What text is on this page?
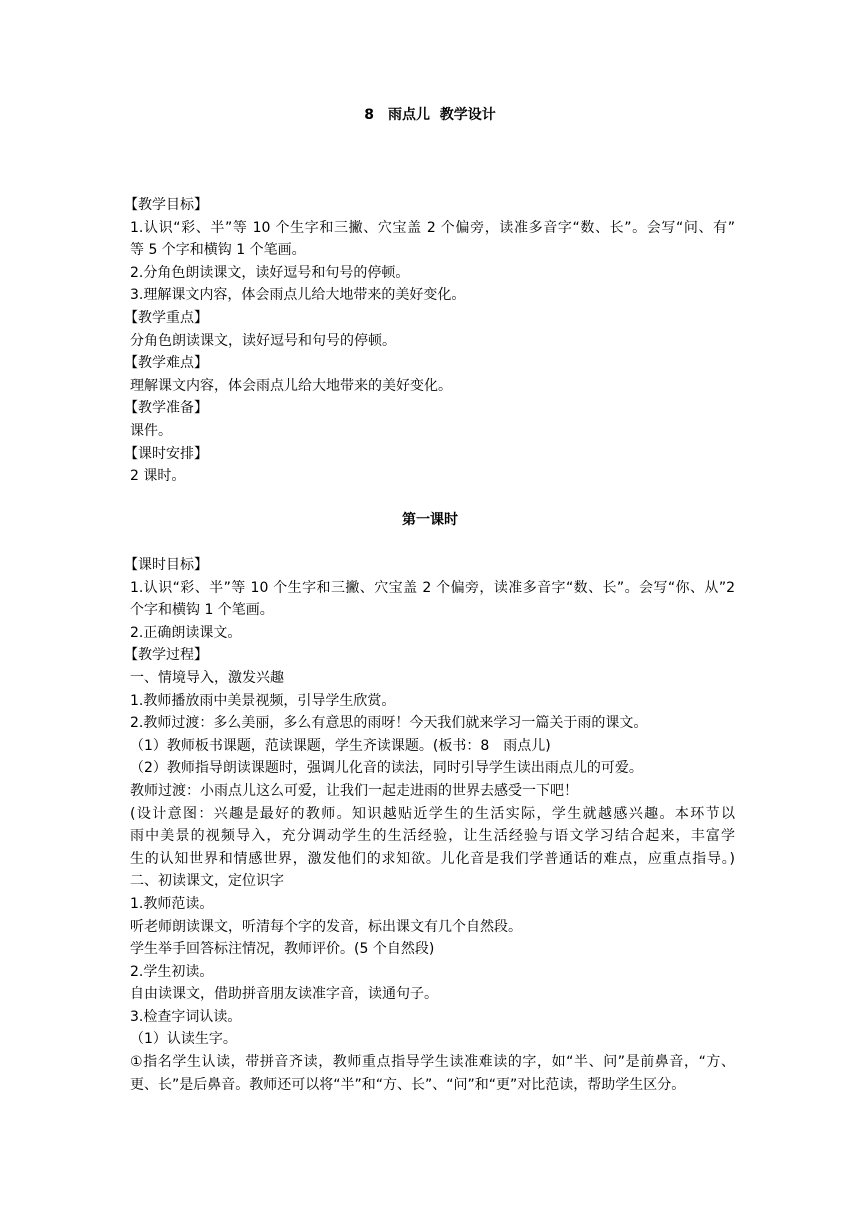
8　雨点儿  教学设计
【教学目标】
1.认识“彩、半”等 10 个生字和三撇、穴宝盖 2 个偏旁，读准多音字“数、长”。会写“问、有”
等 5 个字和横钩 1 个笔画。
2.分角色朗读课文，读好逗号和句号的停顿。
3.理解课文内容，体会雨点儿给大地带来的美好变化。
【教学重点】
分角色朗读课文，读好逗号和句号的停顿。
【教学难点】
理解课文内容，体会雨点儿给大地带来的美好变化。
【教学准备】
课件。
【课时安排】
2 课时。
第一课时
【课时目标】
1.认识“彩、半”等 10 个生字和三撇、穴宝盖 2 个偏旁，读准多音字“数、长”。会写“你、从”2
个字和横钩 1 个笔画。
2.正确朗读课文。
【教学过程】
一、情境导入，激发兴趣
1.教师播放雨中美景视频，引导学生欣赏。
2.教师过渡：多么美丽，多么有意思的雨呀！今天我们就来学习一篇关于雨的课文。
（1）教师板书课题，范读课题，学生齐读课题。(板书：8　雨点儿)
（2）教师指导朗读课题时，强调儿化音的读法，同时引导学生读出雨点儿的可爱。
教师过渡：小雨点儿这么可爱，让我们一起走进雨的世界去感受一下吧！
(设计意图：兴趣是最好的教师。知识越贴近学生的生活实际，学生就越感兴趣。本环节以
雨中美景的视频导入，充分调动学生的生活经验，让生活经验与语文学习结合起来，丰富学
生的认知世界和情感世界，激发他们的求知欲。儿化音是我们学普通话的难点，应重点指导。)
二、初读课文，定位识字
1.教师范读。
听老师朗读课文，听清每个字的发音，标出课文有几个自然段。
学生举手回答标注情况，教师评价。(5 个自然段)
2.学生初读。
自由读课文，借助拼音朋友读准字音，读通句子。
3.检查字词认读。
（1）认读生字。
①指名学生认读，带拼音齐读，教师重点指导学生读准难读的字，如“半、问”是前鼻音，“方、
更、长”是后鼻音。教师还可以将“半”和“方、长”、“问”和“更”对比范读，帮助学生区分。
